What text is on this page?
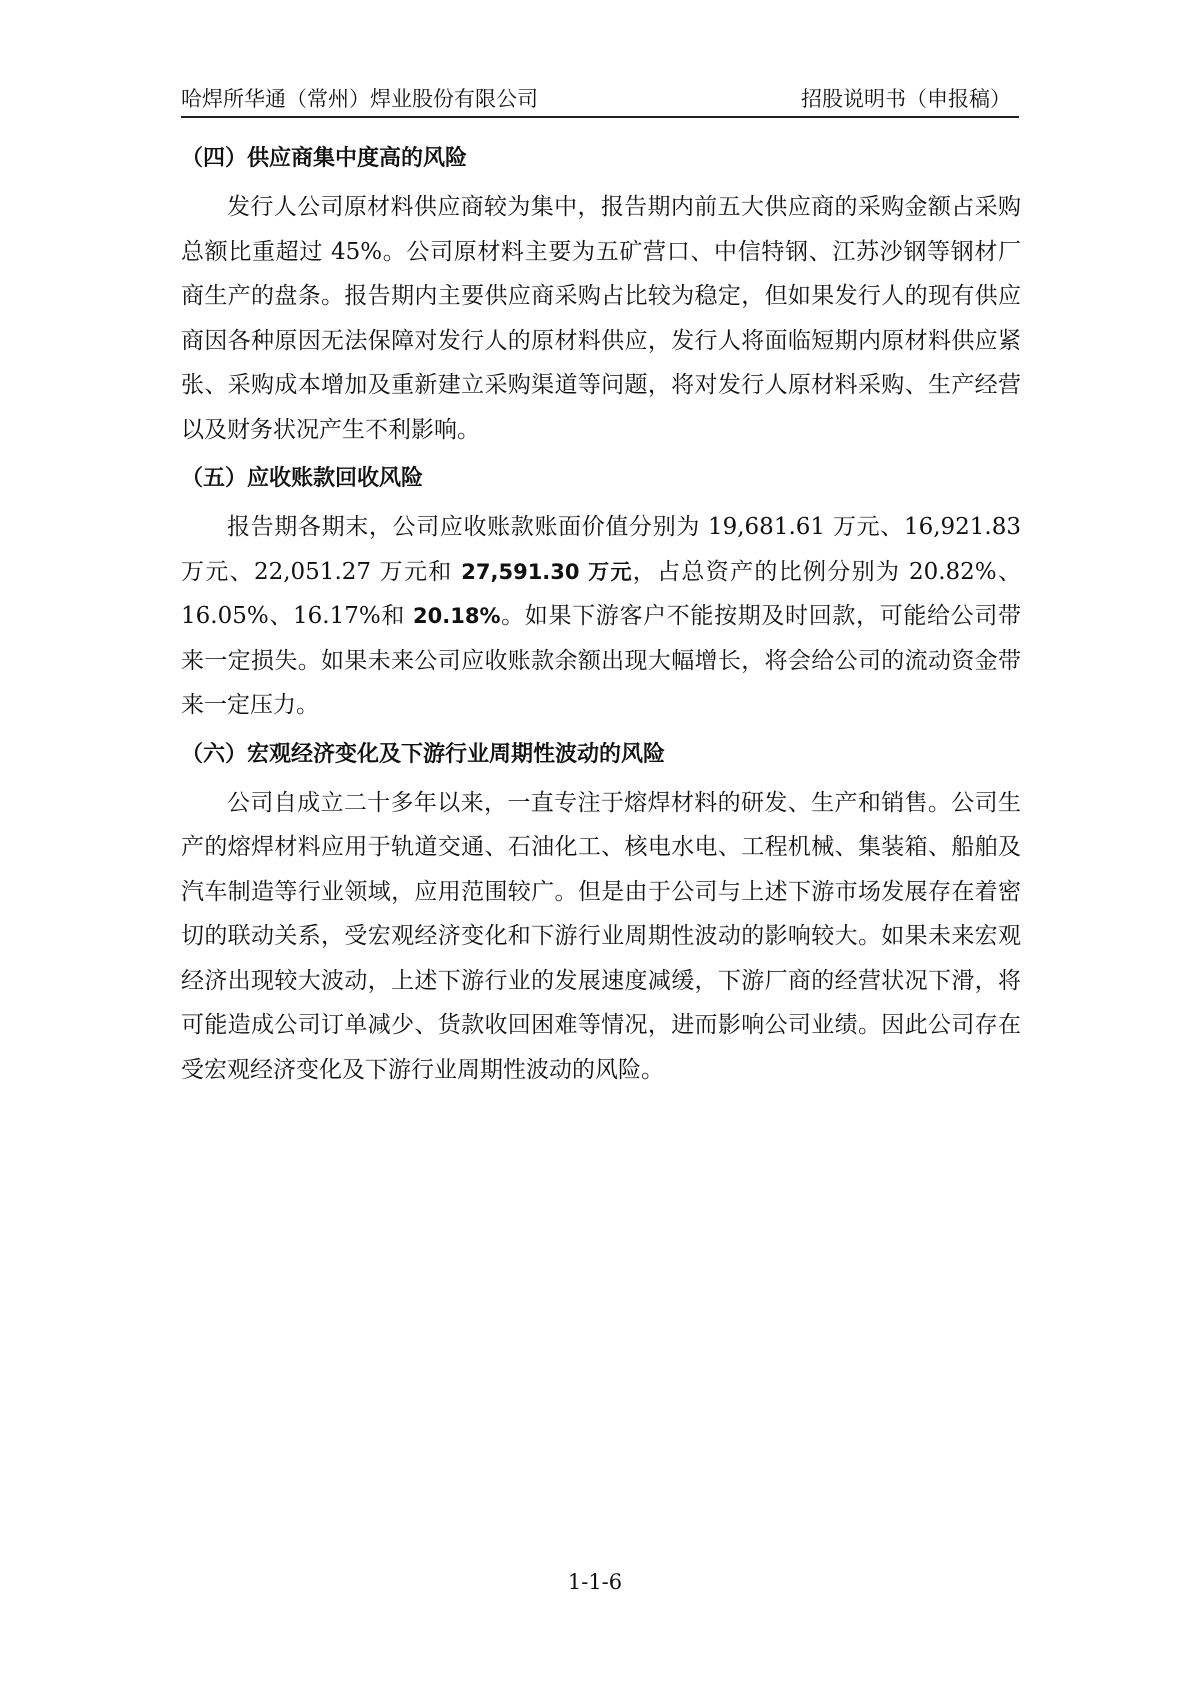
哈焊所华通（常州）焊业股份有限公司	招股说明书（申报稿）
（四）供应商集中度高的风险

发行人公司原材料供应商较为集中，报告期内前五大供应商的采购金额占采购总额比重超过 45%。公司原材料主要为五矿营口、中信特钢、江苏沙钢等钢材厂商生产的盘条。报告期内主要供应商采购占比较为稳定，但如果发行人的现有供应商因各种原因无法保障对发行人的原材料供应，发行人将面临短期内原材料供应紧张、采购成本增加及重新建立采购渠道等问题，将对发行人原材料采购、生产经营以及财务状况产生不利影响。

（五）应收账款回收风险

报告期各期末，公司应收账款账面价值分别为 19,681.61 万元、16,921.83 万元、22,051.27 万元和 27,591.30 万元，占总资产的比例分别为 20.82%、16.05%、16.17%和 20.18%。如果下游客户不能按期及时回款，可能给公司带来一定损失。如果未来公司应收账款余额出现大幅增长，将会给公司的流动资金带来一定压力。

（六）宏观经济变化及下游行业周期性波动的风险

公司自成立二十多年以来，一直专注于熔焊材料的研发、生产和销售。公司生产的熔焊材料应用于轨道交通、石油化工、核电水电、工程机械、集装箱、船舶及汽车制造等行业领域，应用范围较广。但是由于公司与上述下游市场发展存在着密切的联动关系，受宏观经济变化和下游行业周期性波动的影响较大。如果未来宏观经济出现较大波动，上述下游行业的发展速度减缓，下游厂商的经营状况下滑，将可能造成公司订单减少、货款收回困难等情况，进而影响公司业绩。因此公司存在受宏观经济变化及下游行业周期性波动的风险。

1-1-6
